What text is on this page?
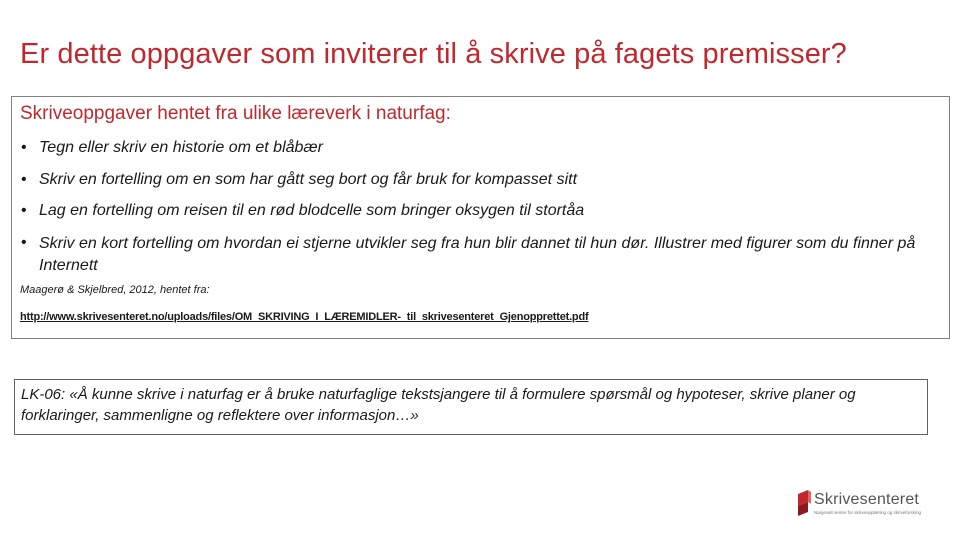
Er dette oppgaver som inviterer til å skrive på fagets premisser?
Skriveoppgaver hentet fra ulike læreverk i naturfag:
• Tegn eller skriv en historie om et blåbær
• Skriv en fortelling om en som har gått seg bort og får bruk for kompasset sitt
• Lag en fortelling om reisen til en rød blodcelle som bringer oksygen til stortåa
• Skriv en kort fortelling om hvordan ei stjerne utvikler seg fra hun blir dannet til hun dør. Illustrer med figurer som du finner på Internett
Maagerø & Skjelbred, 2012, hentet fra:
http://www.skrivesenteret.no/uploads/files/OM_SKRIVING_I_LÆREMIDLER-_til_skrivesenteret_Gjenopprettet.pdf
LK-06: «Å kunne skrive i naturfag er å bruke naturfaglige tekstsjangere til å formulere spørsmål og hypoteser, skrive planer og forklaringer, sammenligne og reflektere over informasjon…»
Skrivesenteret
Nasjonalt senter for skriveopplæring og skriveforsking
